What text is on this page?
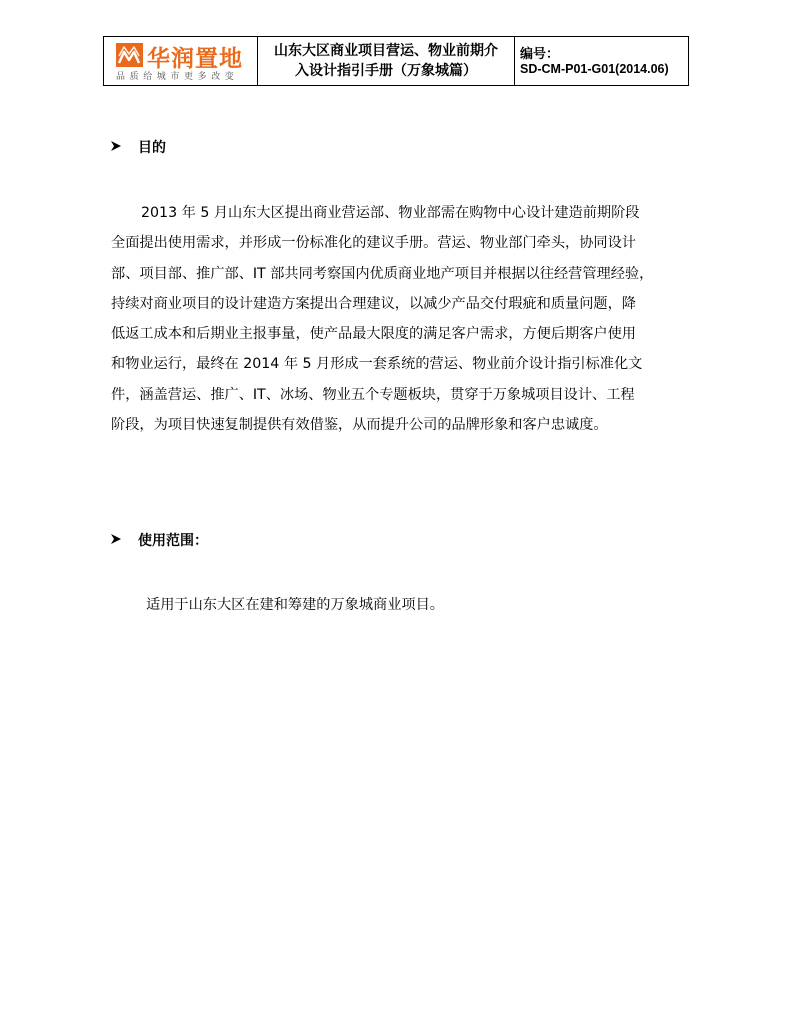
华润置地
品质给城市更多改变
山东大区商业项目营运、物业前期介
入设计指引手册（万象城篇）
编号：
SD-CM-P01-G01(2014.06)
目的
2013 年 5 月山东大区提出商业营运部、物业部需在购物中心设计建造前期阶段
全面提出使用需求，并形成一份标准化的建议手册。营运、物业部门牵头，协同设计
部、项目部、推广部、IT 部共同考察国内优质商业地产项目并根据以往经营管理经验，
持续对商业项目的设计建造方案提出合理建议，以减少产品交付瑕疵和质量问题，降
低返工成本和后期业主报事量，使产品最大限度的满足客户需求，方便后期客户使用
和物业运行，最终在 2014 年 5 月形成一套系统的营运、物业前介设计指引标准化文
件，涵盖营运、推广、IT、冰场、物业五个专题板块，贯穿于万象城项目设计、工程
阶段，为项目快速复制提供有效借鉴，从而提升公司的品牌形象和客户忠诚度。
使用范围：
适用于山东大区在建和筹建的万象城商业项目。
